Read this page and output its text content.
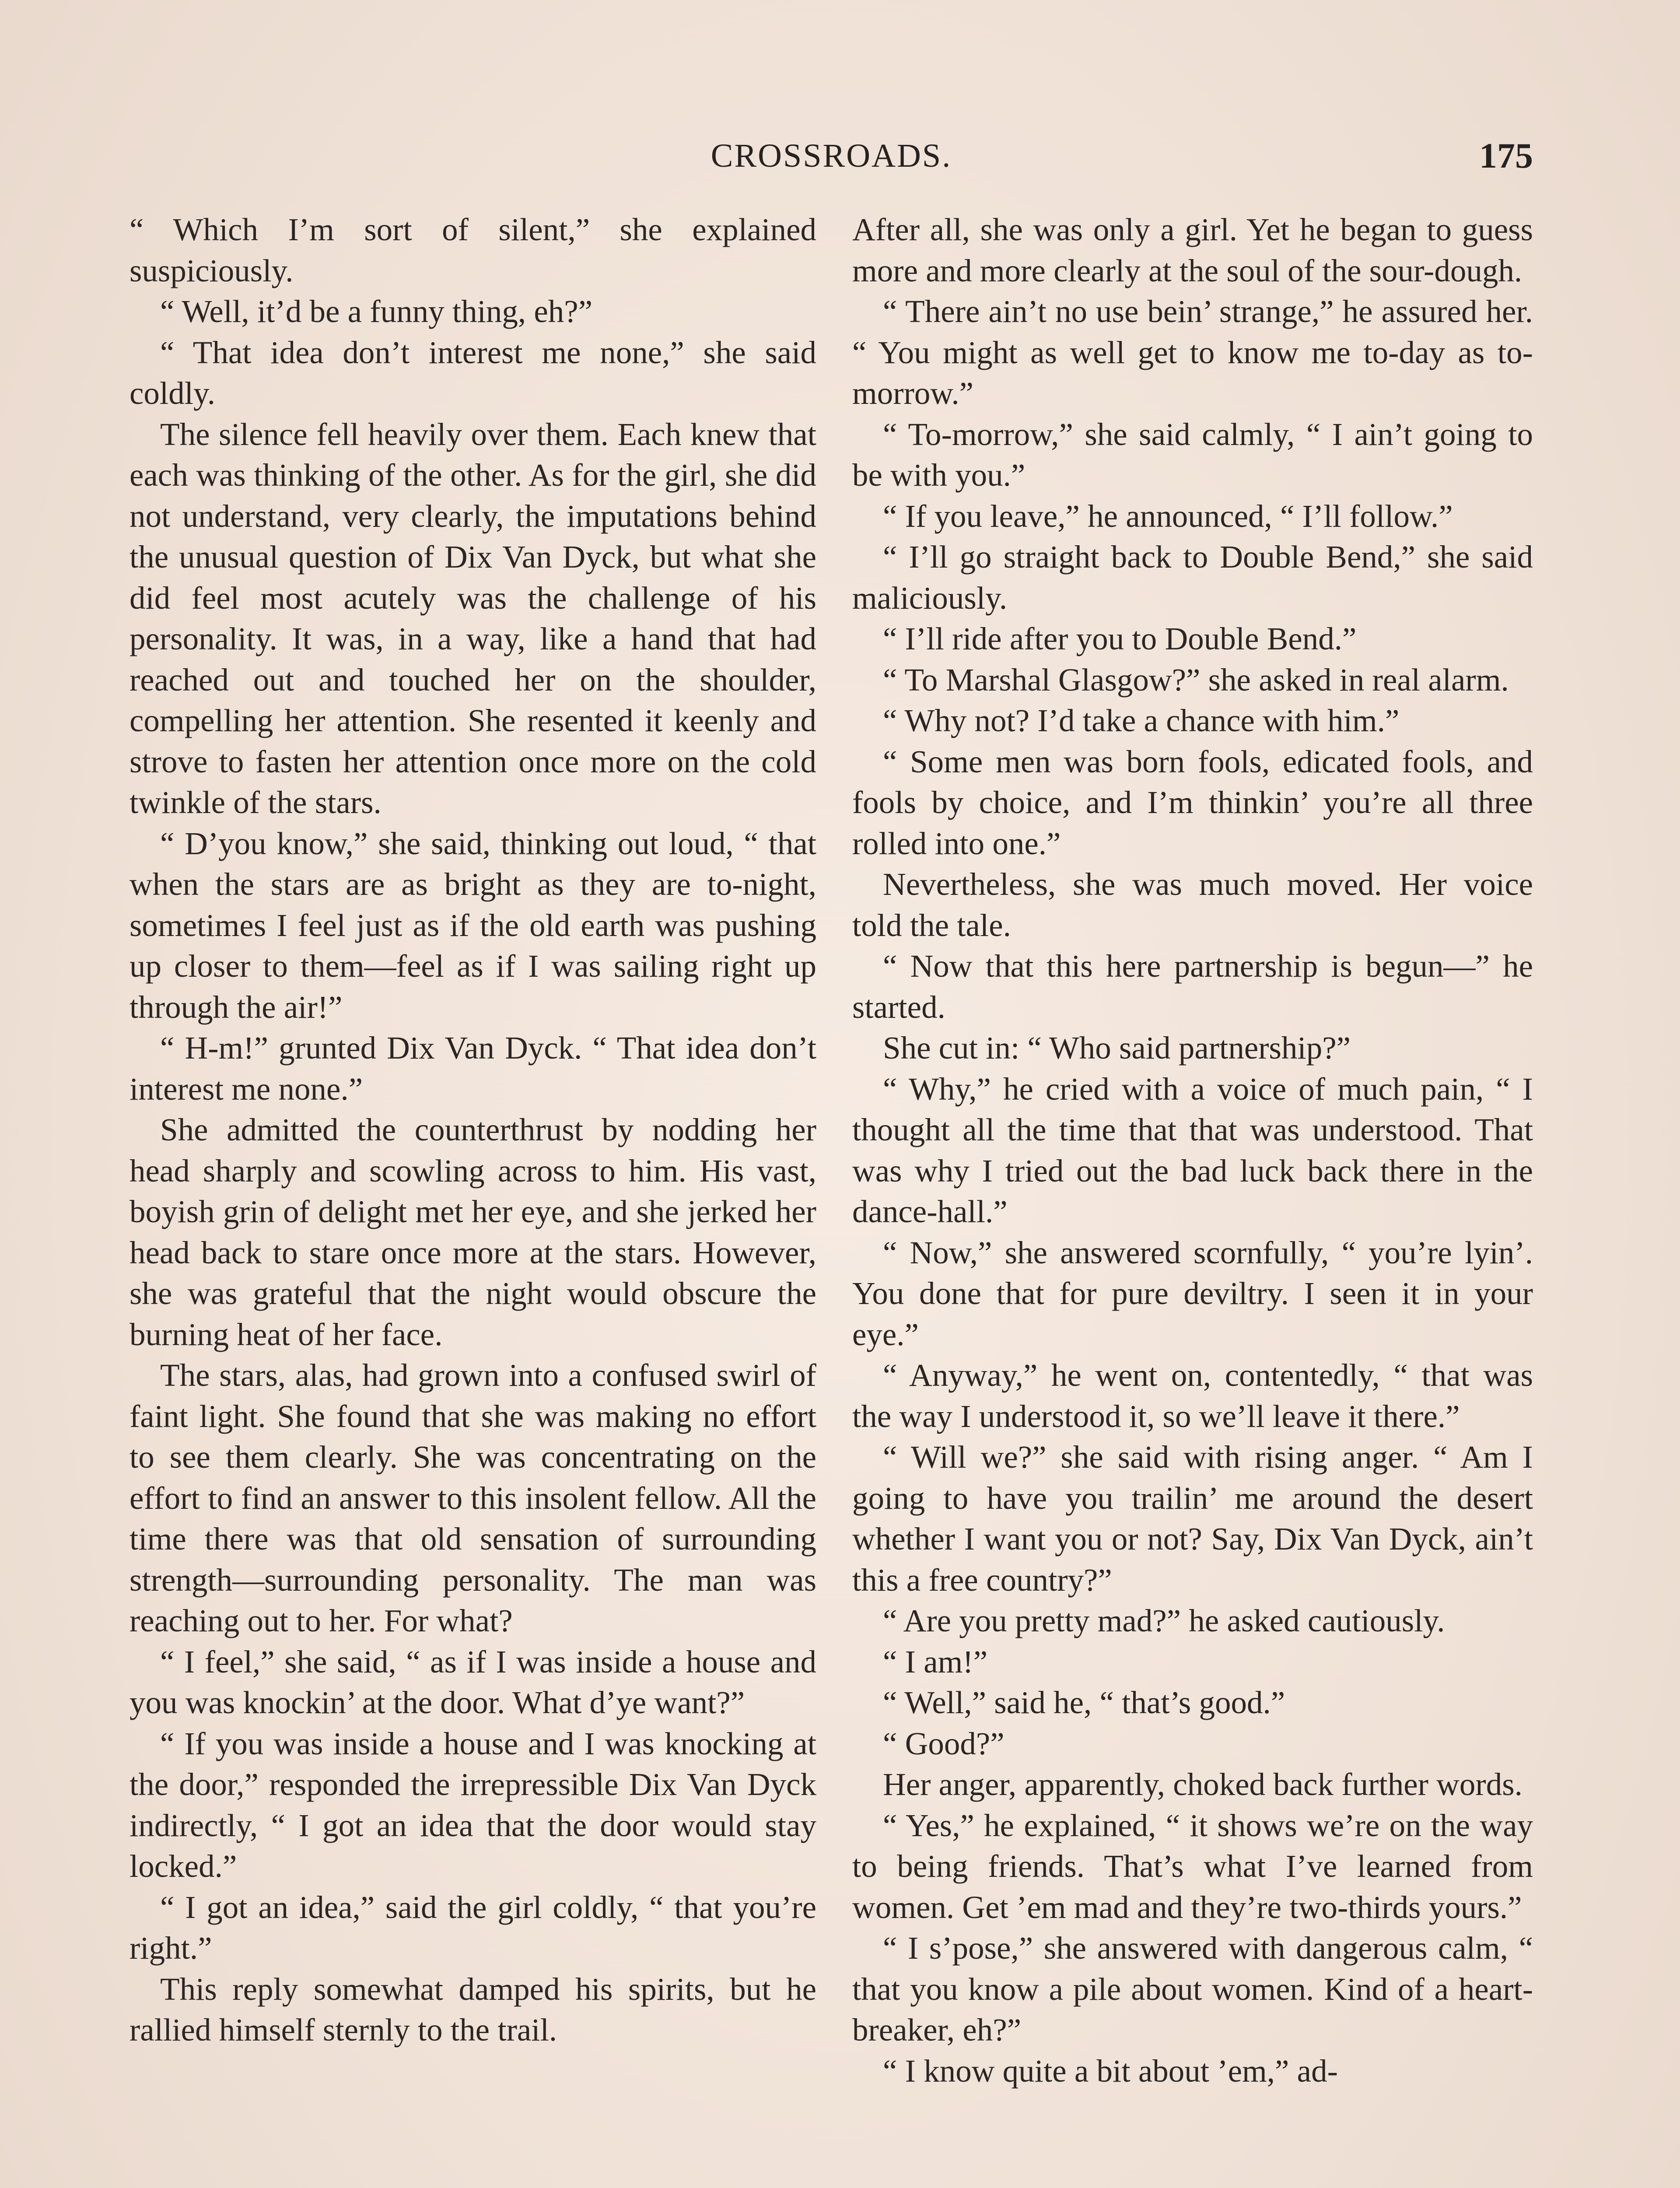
CROSSROADS.	175

“ Which I’m sort of silent,” she explained suspiciously.

“ Well, it’d be a funny thing, eh?”

“ That idea don’t interest me none,” she said coldly.

The silence fell heavily over them. Each knew that each was thinking of the other. As for the girl, she did not understand, very clearly, the imputations behind the unusual question of Dix Van Dyck, but what she did feel most acutely was the challenge of his personality. It was, in a way, like a hand that had reached out and touched her on the shoulder, compelling her attention. She resented it keenly and strove to fasten her attention once more on the cold twinkle of the stars.

“ D’you know,” she said, thinking out loud, “ that when the stars are as bright as they are to-night, sometimes I feel just as if the old earth was pushing up closer to them—feel as if I was sailing right up through the air!”

“ H-m!” grunted Dix Van Dyck. “ That idea don’t interest me none.”

She admitted the counterthrust by nodding her head sharply and scowling across to him. His vast, boyish grin of delight met her eye, and she jerked her head back to stare once more at the stars. However, she was grateful that the night would obscure the burning heat of her face.

The stars, alas, had grown into a confused swirl of faint light. She found that she was making no effort to see them clearly. She was concentrating on the effort to find an answer to this insolent fellow. All the time there was that old sensation of surrounding strength—surrounding personality. The man was reaching out to her. For what?

“ I feel,” she said, “ as if I was inside a house and you was knockin’ at the door. What d’ye want?”

“ If you was inside a house and I was knocking at the door,” responded the irrepressible Dix Van Dyck indirectly, “ I got an idea that the door would stay locked.”

“ I got an idea,” said the girl coldly, “ that you’re right.”

This reply somewhat damped his spirits, but he rallied himself sternly to the trail.

After all, she was only a girl. Yet he began to guess more and more clearly at the soul of the sour-dough.

“ There ain’t no use bein’ strange,” he assured her. “ You might as well get to know me to-day as to-morrow.”

“ To-morrow,” she said calmly, “ I ain’t going to be with you.”

“ If you leave,” he announced, “ I’ll follow.”

“ I’ll go straight back to Double Bend,” she said maliciously.

“ I’ll ride after you to Double Bend.”

“ To Marshal Glasgow?” she asked in real alarm.

“ Why not? I’d take a chance with him.”

“ Some men was born fools, edicated fools, and fools by choice, and I’m thinkin’ you’re all three rolled into one.”

Nevertheless, she was much moved. Her voice told the tale.

“ Now that this here partnership is begun—” he started.

She cut in: “ Who said partnership?”

“ Why,” he cried with a voice of much pain, “ I thought all the time that that was understood. That was why I tried out the bad luck back there in the dance-hall.”

“ Now,” she answered scornfully, “ you’re lyin’. You done that for pure deviltry. I seen it in your eye.”

“ Anyway,” he went on, contentedly, “ that was the way I understood it, so we’ll leave it there.”

“ Will we?” she said with rising anger. “ Am I going to have you trailin’ me around the desert whether I want you or not? Say, Dix Van Dyck, ain’t this a free country?”

“ Are you pretty mad?” he asked cautiously.

“ I am!”

“ Well,” said he, “ that’s good.”

“ Good?”

Her anger, apparently, choked back further words.

“ Yes,” he explained, “ it shows we’re on the way to being friends. That’s what I’ve learned from women. Get ’em mad and they’re two-thirds yours.”

“ I s’pose,” she answered with dangerous calm, “ that you know a pile about women. Kind of a heart-breaker, eh?”

“ I know quite a bit about ’em,” ad-
